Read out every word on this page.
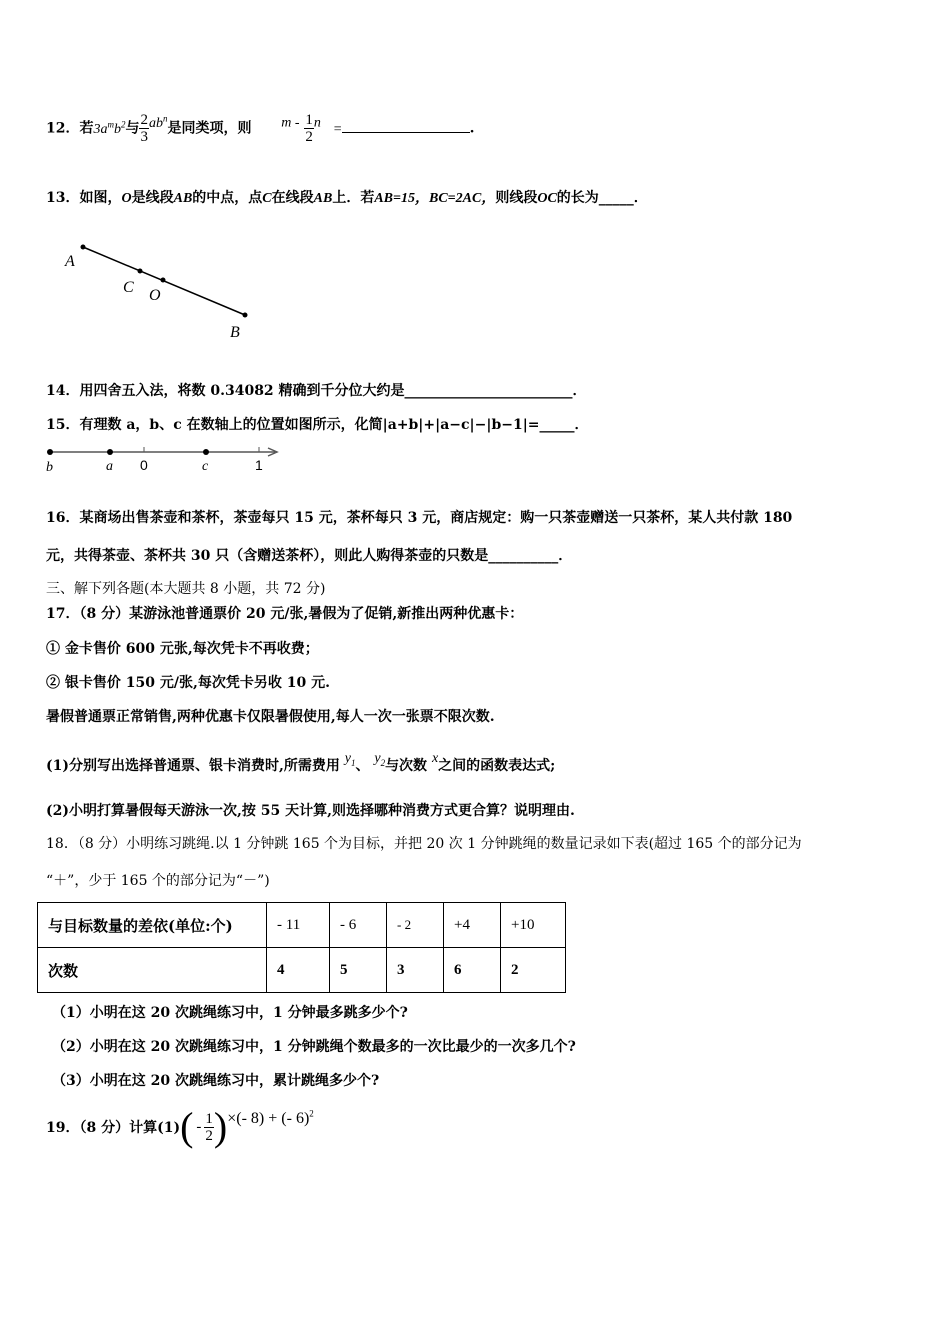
12．若$3a^mb^2$与 $\frac{2}{3} ab^n$是同类项，则 m - $\frac{1}{2}$ n =	.
13．如图，O是线段AB的中点，点C在线段AB上．若AB=15，BC=2AC，则线段OC的长为_____．
A
C O
B
14．用四舍五入法，将数 0.34082 精确到千分位大约是________________________．
15．有理数 a，b、c 在数轴上的位置如图所示，化简|a+b|+|a−c|−|b−1|=_____．
b	a 0	c	1
16．某商场出售茶壶和茶杯，茶壶每只 15 元，茶杯每只 3 元，商店规定：购一只茶壶赠送一只茶杯，某人共付款 180
元，共得茶壶、茶杯共 30 只（含赠送茶杯），则此人购得茶壶的只数是__________．
三、解下列各题(本大题共 8 小题，共 72 分)
17．（8 分）某游泳池普通票价 20 元/张,暑假为了促销,新推出两种优惠卡：
① 金卡售价 600 元张,每次凭卡不再收费；
② 银卡售价 150 元/张,每次凭卡另收 10 元.
暑假普通票正常销售,两种优惠卡仅限暑假使用,每人一次一张票不限次数.
(1)分别写出选择普通票、银卡消费时,所需费用 $y_1$、 $y_2$与次数 x之间的函数表达式;
(2)小明打算暑假每天游泳一次,按 55 天计算,则选择哪种消费方式更合算？说明理由.
18．（8 分）小明练习跳绳.以 1 分钟跳 165 个为目标，并把 20 次 1 分钟跳绳的数量记录如下表(超过 165 个的部分记为
“＋”，少于 165 个的部分记为“－”)
与目标数量的差依(单位:个)	- 11	- 6	- 2	+4	+10
次数	4	5	3	6	2
（1）小明在这 20 次跳绳练习中，1 分钟最多跳多少个?
（2）小明在这 20 次跳绳练习中，1 分钟跳绳个数最多的一次比最少的一次多几个?
（3）小明在这 20 次跳绳练习中，累计跳绳多少个?
19．（8 分）计算$(1)( - \frac{1}{2}$ )×(- 8) + (- 6)$^2$
